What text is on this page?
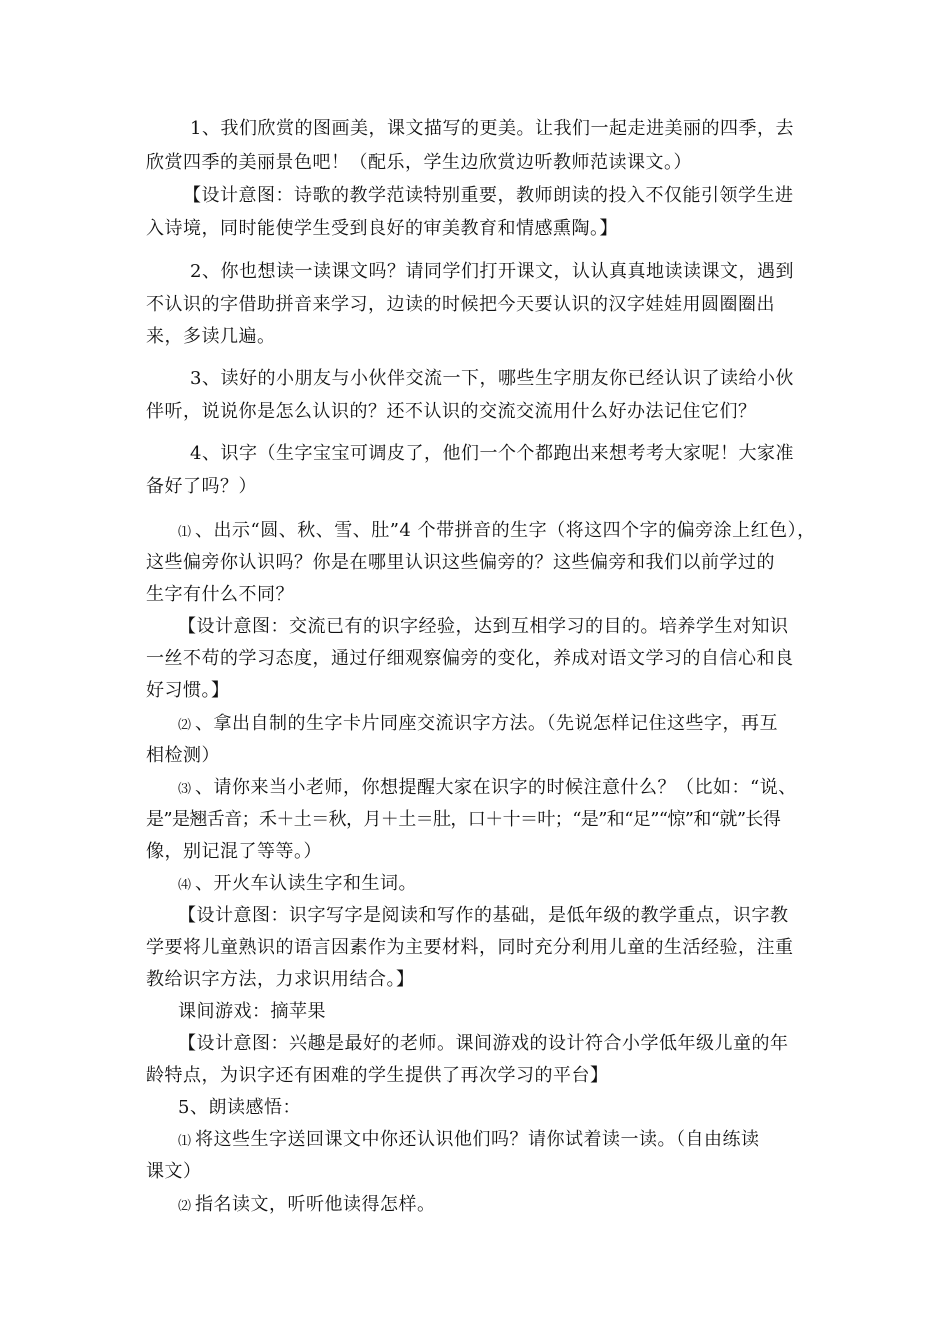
1、我们欣赏的图画美，课文描写的更美。让我们一起走进美丽的四季，去
欣赏四季的美丽景色吧！（配乐，学生边欣赏边听教师范读课文。）
【设计意图：诗歌的教学范读特别重要，教师朗读的投入不仅能引领学生进
入诗境，同时能使学生受到良好的审美教育和情感熏陶。】
2、你也想读一读课文吗？请同学们打开课文，认认真真地读读课文，遇到
不认识的字借助拼音来学习，边读的时候把今天要认识的汉字娃娃用圆圈圈出
来，多读几遍。
3、读好的小朋友与小伙伴交流一下，哪些生字朋友你已经认识了读给小伙
伴听，说说你是怎么认识的？还不认识的交流交流用什么好办法记住它们？
4、识字（生字宝宝可调皮了，他们一个个都跑出来想考考大家呢！大家准
备好了吗？）
⑴ 、出示“圆、秋、雪、肚”4 个带拼音的生字（将这四个字的偏旁涂上红色），
这些偏旁你认识吗？你是在哪里认识这些偏旁的？这些偏旁和我们以前学过的
生字有什么不同？
【设计意图：交流已有的识字经验，达到互相学习的目的。培养学生对知识
一丝不苟的学习态度，通过仔细观察偏旁的变化，养成对语文学习的自信心和良
好习惯。】
⑵ 、拿出自制的生字卡片同座交流识字方法。（先说怎样记住这些字，再互
相检测）
⑶ 、请你来当小老师，你想提醒大家在识字的时候注意什么？（比如：“说、
是”是翘舌音；禾＋土＝秋，月＋土＝肚，口＋十＝叶；“是”和“足”“惊”和“就”长得
像，别记混了等等。）
⑷ 、开火车认读生字和生词。
【设计意图：识字写字是阅读和写作的基础，是低年级的教学重点，识字教
学要将儿童熟识的语言因素作为主要材料，同时充分利用儿童的生活经验，注重
教给识字方法，力求识用结合。】
课间游戏：摘苹果
【设计意图：兴趣是最好的老师。课间游戏的设计符合小学低年级儿童的年
龄特点，为识字还有困难的学生提供了再次学习的平台】
5、朗读感悟：
⑴ 将这些生字送回课文中你还认识他们吗？请你试着读一读。（自由练读
课文）
⑵ 指名读文，听听他读得怎样。
